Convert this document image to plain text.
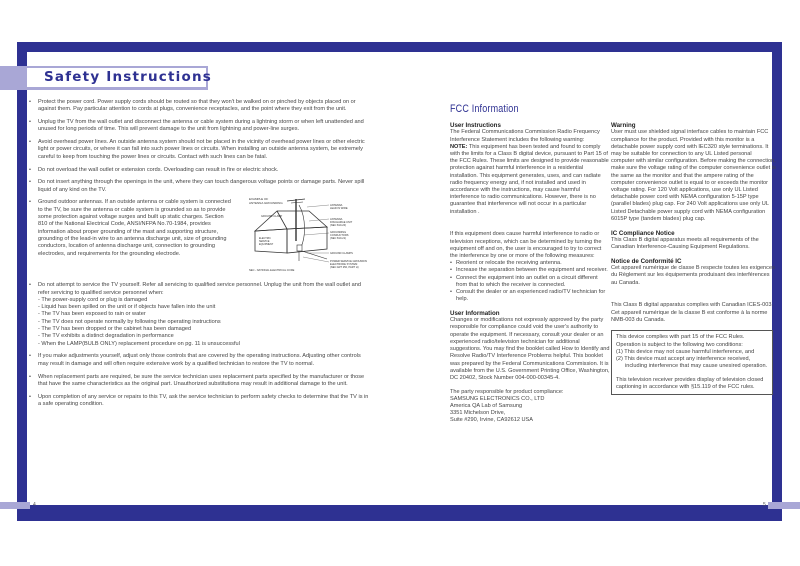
Safety Instructions
4	5
• Protect the power cord. Power supply cords should be routed so that they won't be walked on or pinched by objects placed on or against them. Pay particular attention to cords at plugs, convenience receptacles, and the point where they exit from the unit.
• Unplug the TV from the wall outlet and disconnect the antenna or cable system during a lightning storm or when left unattended and unused for long periods of time. This will prevent damage to the unit from lightning and power-line surges.
• Avoid overhead power lines. An outside antenna system should not be placed in the vicinity of overhead power lines or other electric light or power circuits, or where it can fall into such power lines or circuits. When installing an outside antenna system, be extremely careful to keep from touching the power lines or circuits. Contact with such lines can be fatal.
• Do not overload the wall outlet or extension cords. Overloading can result in fire or electric shock.
• Do not insert anything through the openings in the unit, where they can touch dangerous voltage points or damage parts. Never spill liquid of any kind on the TV.
• Ground outdoor antennas. If an outside antenna or cable system is connected to the TV, be sure the antenna or cable system is grounded so as to provide some protection against voltage surges and built up static charges. Section 810 of the National Electrical Code, ANSI/NFPA No.70-1984, provides information about proper grounding of the mast and supporting structure, grounding of the lead-in wire to an antenna discharge unit, size of grounding conductors, location of antenna discharge unit, connection to grounding electrodes, and requirements for the grounding electrode.
EXAMPLE OF
ANTENNA GROUNDING
ANTENNA
LEAD IN WIRE
ANTENNA
DISCHARGE UNIT
(NEC 810-20)
GROUNDING
CONDUCTORS
(NEC 810-21)
GROUND CLAMPS
POWER SERVICE GROUNDING
ELECTRODE SYSTEM
(NEC ART 250, PART H)
GROUND CLAMP
ELECTRIC
SERVICE
EQUIPMENT
NEC - NATIONAL ELECTRICAL CODE
• Do not attempt to service the TV yourself. Refer all servicing to qualified service personnel. Unplug the unit from the wall outlet and refer servicing to qualified service personnel when:
- The power-supply cord or plug is damaged
- Liquid has been spilled on the unit or if objects have fallen into the unit
- The TV has been exposed to rain or water
- The TV does not operate normally by following the operating instructions
- The TV has been dropped or the cabinet has been damaged
- The TV exhibits a distinct degradation in performance
- When the LAMP(BULB ONLY) replacement procedure on pg. 11 is unsuccessful
• If you make adjustments yourself, adjust only those controls that are covered by the operating instructions. Adjusting other controls may result in damage and will often require extensive work by a qualified technician to restore the TV to normal.
• When replacement parts are required, be sure the service technician uses replacement parts specified by the manufacturer or those that have the same characteristics as the original part. Unauthorized substitutions may result in additional damage to the unit.
• Upon completion of any service or repairs to this TV, ask the service technician to perform safety checks to determine that the TV is in a safe operating condition.
FCC Information
User Instructions

The Federal Communications Commission Radio Frequency Interference Statement includes the following warning:
NOTE: This equipment has been tested and found to comply with the limits for a Class B digital device, pursuant to Part 15 of the FCC Rules. These limits are designed to provide reasonable protection against harmful interference in a residential installation. This equipment generates, uses, and can radiate radio frequency energy and, if not installed and used in accordance with the instructions, may cause harmful interference to radio communications. However, there is no guarantee that interference will not occur in a particular installation .

If this equipment does cause harmful interference to radio or television receptions, which can be determined by turning the equipment off and on, the user is encouraged to try to correct the interference by one or more of the following measures:

• Reorient or relocate the receiving antenna.
• Increase the separation between the equipment and receiver.
• Connect the equipment into an outlet on a circuit different from that to which the receiver is connected.
• Consult the dealer or an experienced radio/TV technician for help.
User Information

Changes or modifications not expressly approved by the party responsible for compliance could void the user's authority to operate the equipment. If necessary, consult your dealer or an experienced radio/television technician for additional suggestions. You may find the booklet called How to Identify and Resolve Radio/TV Interference Problems helpful. This booklet was prepared by the Federal Communications Commission. It is available from the U.S. Government Printing Office, Washington, DC 20402, Stock Number 004-000-00345-4.

The party responsible for product compliance:
SAMSUNG ELECTRONICS CO., LTD
America QA Lab of Samsung
3351 Michelson Drive,
Suite #290, Irvine, CA92612 USA
Warning

User must use shielded signal interface cables to maintain FCC compliance for the product. Provided with this monitor is a detachable power supply cord with IEC320 style terminations. It may be suitable for connection to any UL Listed personal computer with similar configuration. Before making the connection, make sure the voltage rating of the computer convenience outlet is the same as the monitor and that the ampere rating of the computer convenience outlet is equal to or exceeds the monitor voltage rating. For 120 Volt applications, use only UL Listed detachable power cord with NEMA configuration 5-15P type (parallel blades) plug cap. For 240 Volt applications use only UL Listed Detachable power supply cord with NEMA configuration 6015P type (tandem blades) plug cap.

IC Compliance Notice

This Class B digital apparatus meets all requirements of the Canadian Interference-Causing Equipment Regulations.

Notice de Conformité IC

Cet appareil numérique de classe B respecte toutes les exigences du Règlement sur les équipements produisant des interférences au Canada.

This Class B digital apparatus complies with Canadian ICES-003.
Cet appareil numérique de la classe B est conforme à la norme NMB-003 du Canada.

This device complies with part 15 of the FCC Rules. Operation is subject to the following two conditions:

(1) This device may not cause harmful interference, and
(2) This device must accept any interference received, including interference that may cause unesired operation.

This television receiver provides display of television closed captioning in accordance with §15.119 of the FCC rules.
